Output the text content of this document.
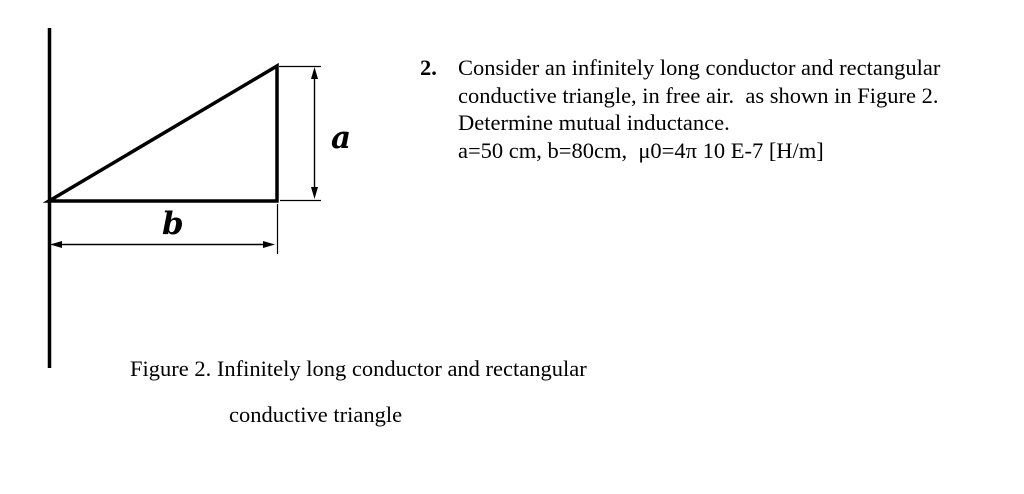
a
b
2. Consider an infinitely long conductor and rectangular
conductive triangle, in free air.  as shown in Figure 2.
Determine mutual inductance.
a=50 cm, b=80cm,  μ0=4π 10 E-7 [H/m]
Figure 2. Infinitely long conductor and rectangular
conductive triangle
